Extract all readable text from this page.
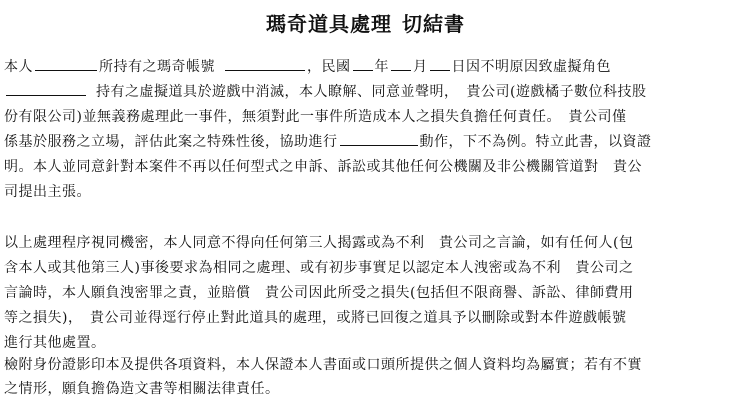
瑪奇道具處理 切結書
本人	所持有之瑪奇帳號	，民國 年 月 日因不明原因致虛擬角色
持有之虛擬道具於遊戲中消滅，本人瞭解、同意並聲明， 貴公司(遊戲橘子數位科技股
份有限公司)並無義務處理此一事件，無須對此一事件所造成本人之損失負擔任何責任。　貴公司僅
係基於服務之立場，評估此案之特殊性後，協助進行	動作，下不為例。特立此書，以資證
明。本人並同意針對本案件不再以任何型式之申訴、訴訟或其他任何公機關及非公機關管道對　貴公
司提出主張。
以上處理程序視同機密，本人同意不得向任何第三人揭露或為不利　貴公司之言論，如有任何人(包
含本人或其他第三人)事後要求為相同之處理、或有初步事實足以認定本人洩密或為不利　貴公司之
言論時，本人願負洩密罪之責，並賠償　貴公司因此所受之損失(包括但不限商譽、訴訟、律師費用
等之損失)，　貴公司並得逕行停止對此道具的處理，或將已回復之道具予以刪除或對本件遊戲帳號
進行其他處置。
檢附身份證影印本及提供各項資料，本人保證本人書面或口頭所提供之個人資料均為屬實；若有不實
之情形，願負擔偽造文書等相關法律責任。
